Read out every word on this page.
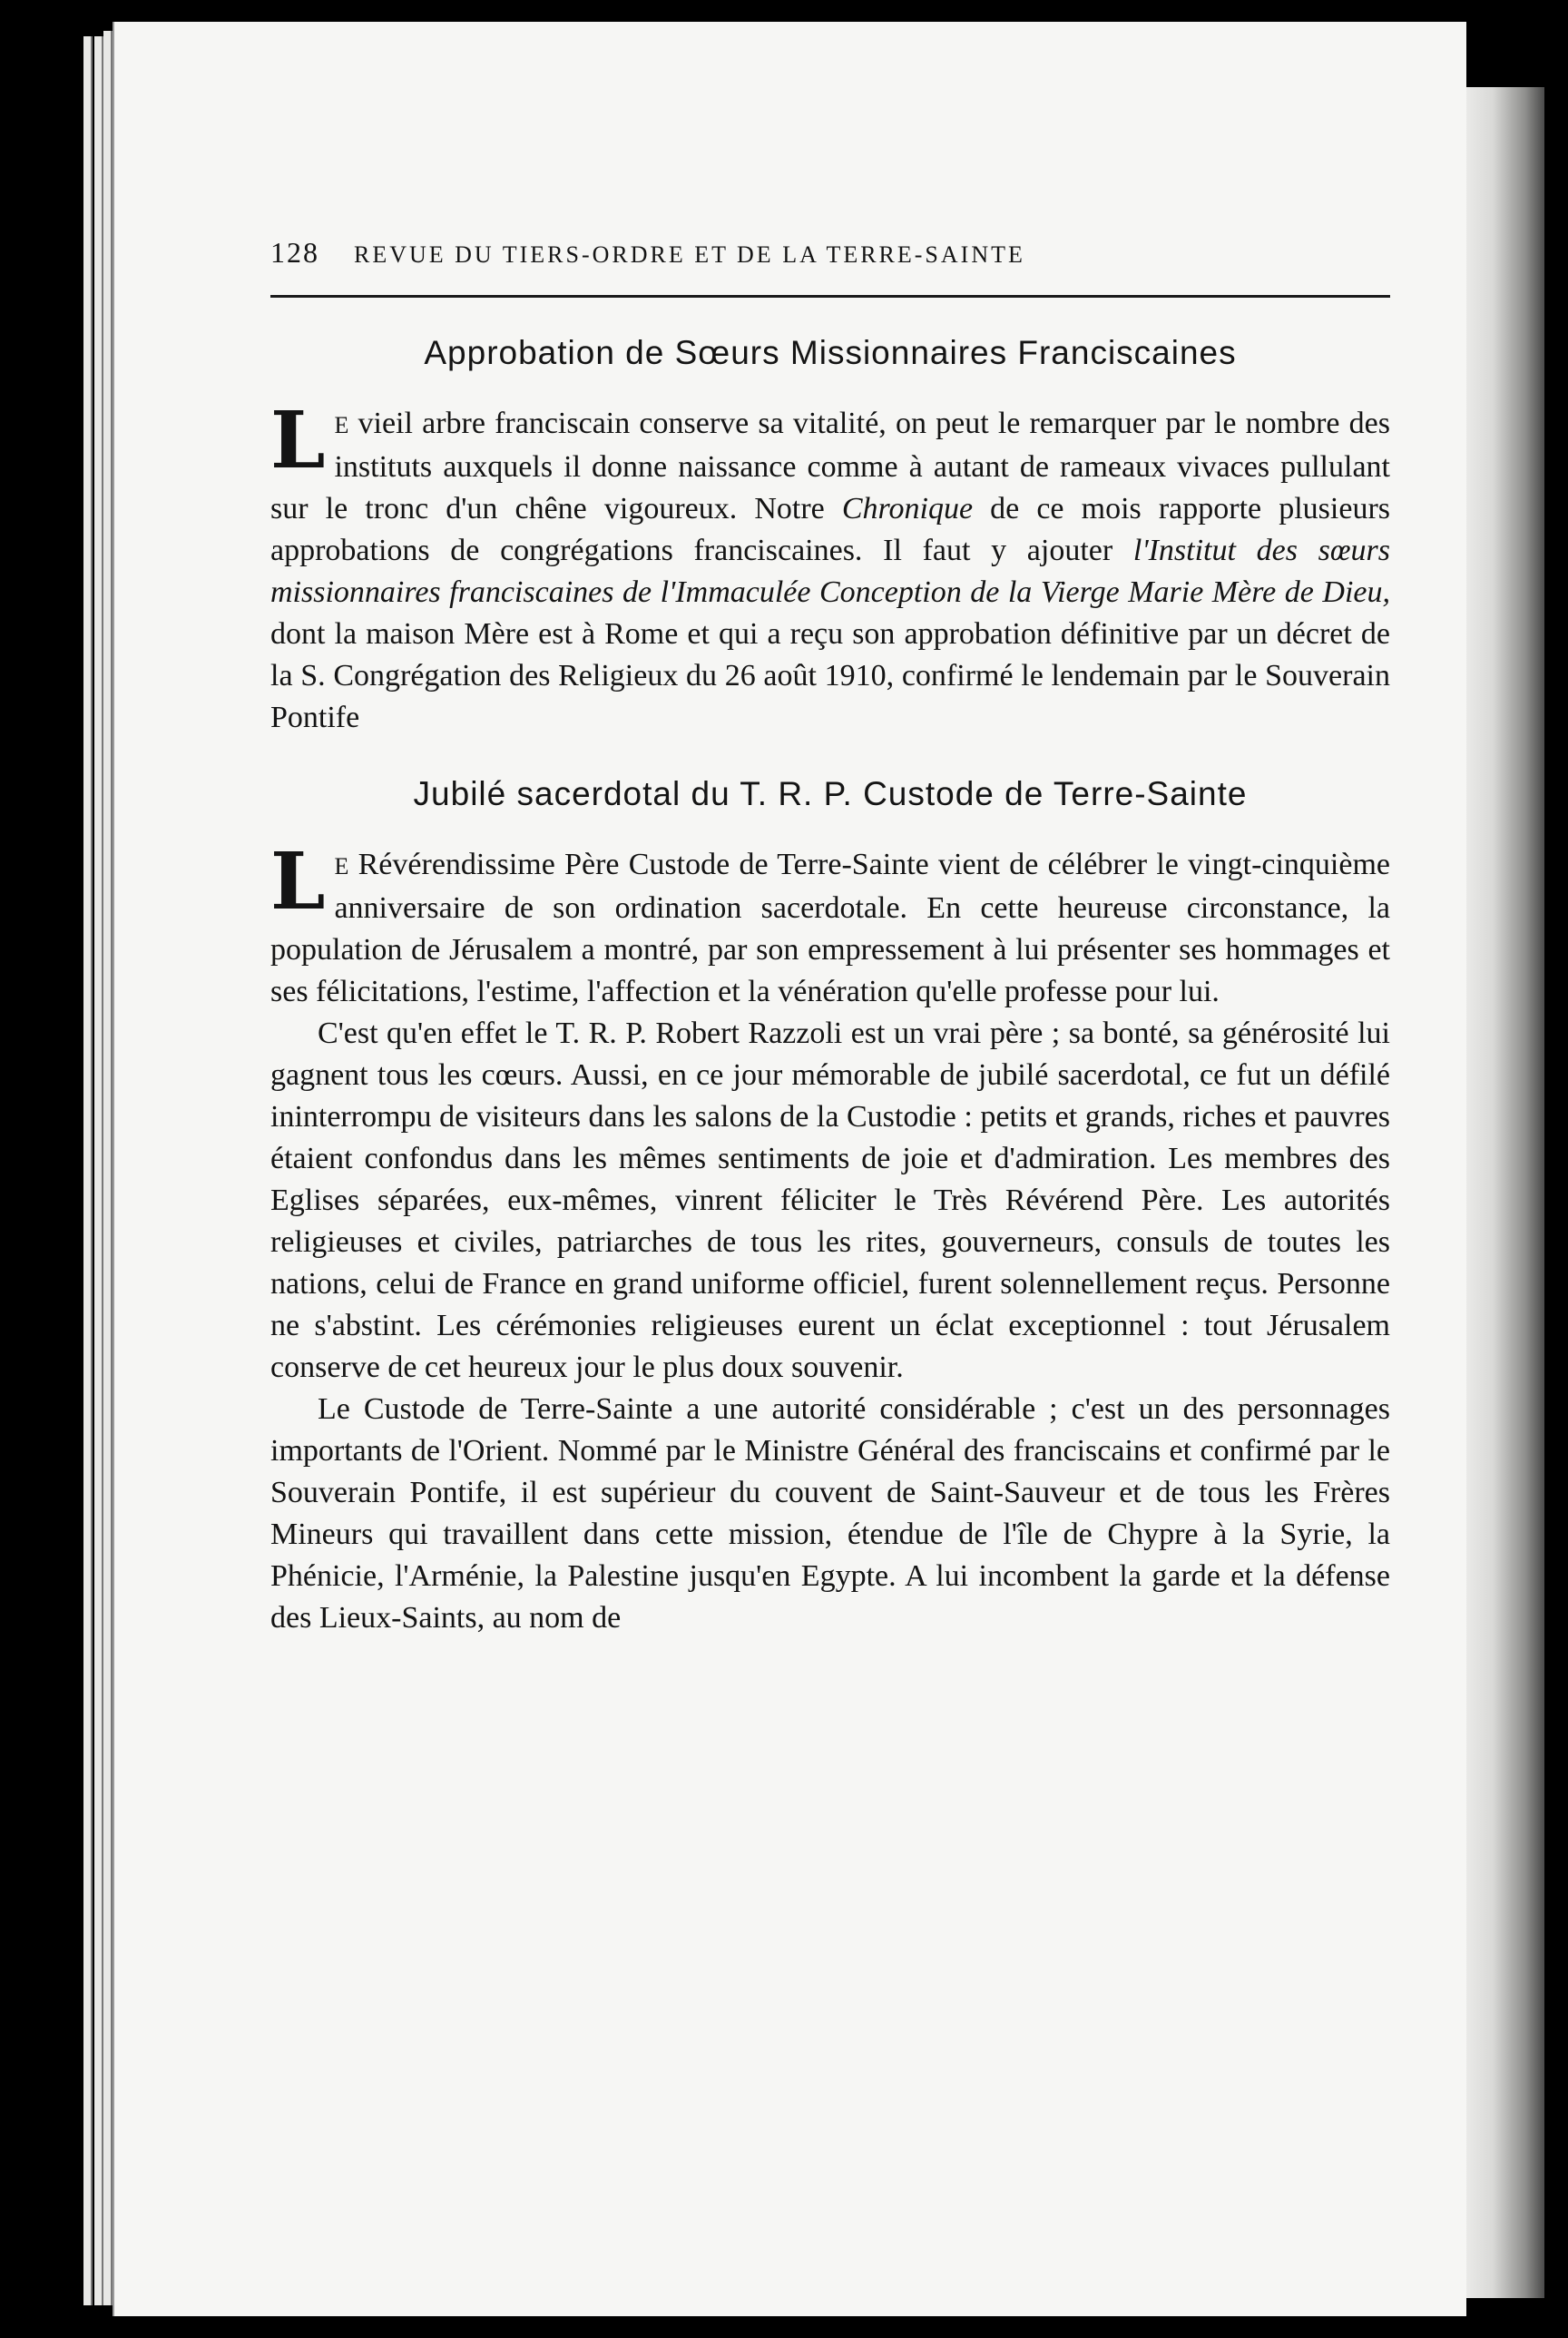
128	REVUE DU TIERS-ORDRE ET DE LA TERRE-SAINTE
Approbation de Sœurs Missionnaires Franciscaines

L E vieil arbre franciscain conserve sa vitalité, on peut le remarquer par le nombre des instituts auxquels il donne naissance comme à autant de rameaux vivaces pullulant sur le tronc d'un chêne vigoureux. Notre Chronique de ce mois rapporte plusieurs approbations de congrégations franciscaines. Il faut y ajouter l'Institut des sœurs missionnaires franciscaines de l'Immaculée Conception de la Vierge Marie Mère de Dieu, dont la maison Mère est à Rome et qui a reçu son approbation définitive par un décret de la S. Congrégation des Religieux du 26 août 1910, confirmé le lendemain par le Souverain Pontife

Jubilé sacerdotal du T. R. P. Custode de Terre-Sainte

L E Révérendissime Père Custode de Terre-Sainte vient de célébrer le vingt-cinquième anniversaire de son ordination sacerdotale. En cette heureuse circonstance, la population de Jérusalem a montré, par son empressement à lui présenter ses hommages et ses félicitations, l'estime, l'affection et la vénération qu'elle professe pour lui.

C'est qu'en effet le T. R. P. Robert Razzoli est un vrai père ; sa bonté, sa générosité lui gagnent tous les cœurs. Aussi, en ce jour mémorable de jubilé sacerdotal, ce fut un défilé ininterrompu de visiteurs dans les salons de la Custodie : petits et grands, riches et pauvres étaient confondus dans les mêmes sentiments de joie et d'admiration. Les membres des Eglises séparées, eux-mêmes, vinrent féliciter le Très Révérend Père. Les autorités religieuses et civiles, patriarches de tous les rites, gouverneurs, consuls de toutes les nations, celui de France en grand uniforme officiel, furent solennellement reçus. Personne ne s'abstint. Les cérémonies religieuses eurent un éclat exceptionnel : tout Jérusalem conserve de cet heureux jour le plus doux souvenir.

Le Custode de Terre-Sainte a une autorité considérable ; c'est un des personnages importants de l'Orient. Nommé par le Ministre Général des franciscains et confirmé par le Souverain Pontife, il est supérieur du couvent de Saint-Sauveur et de tous les Frères Mineurs qui travaillent dans cette mission, étendue de l'île de Chypre à la Syrie, la Phénicie, l'Arménie, la Palestine jusqu'en Egypte. A lui incombent la garde et la défense des Lieux-Saints, au nom de
